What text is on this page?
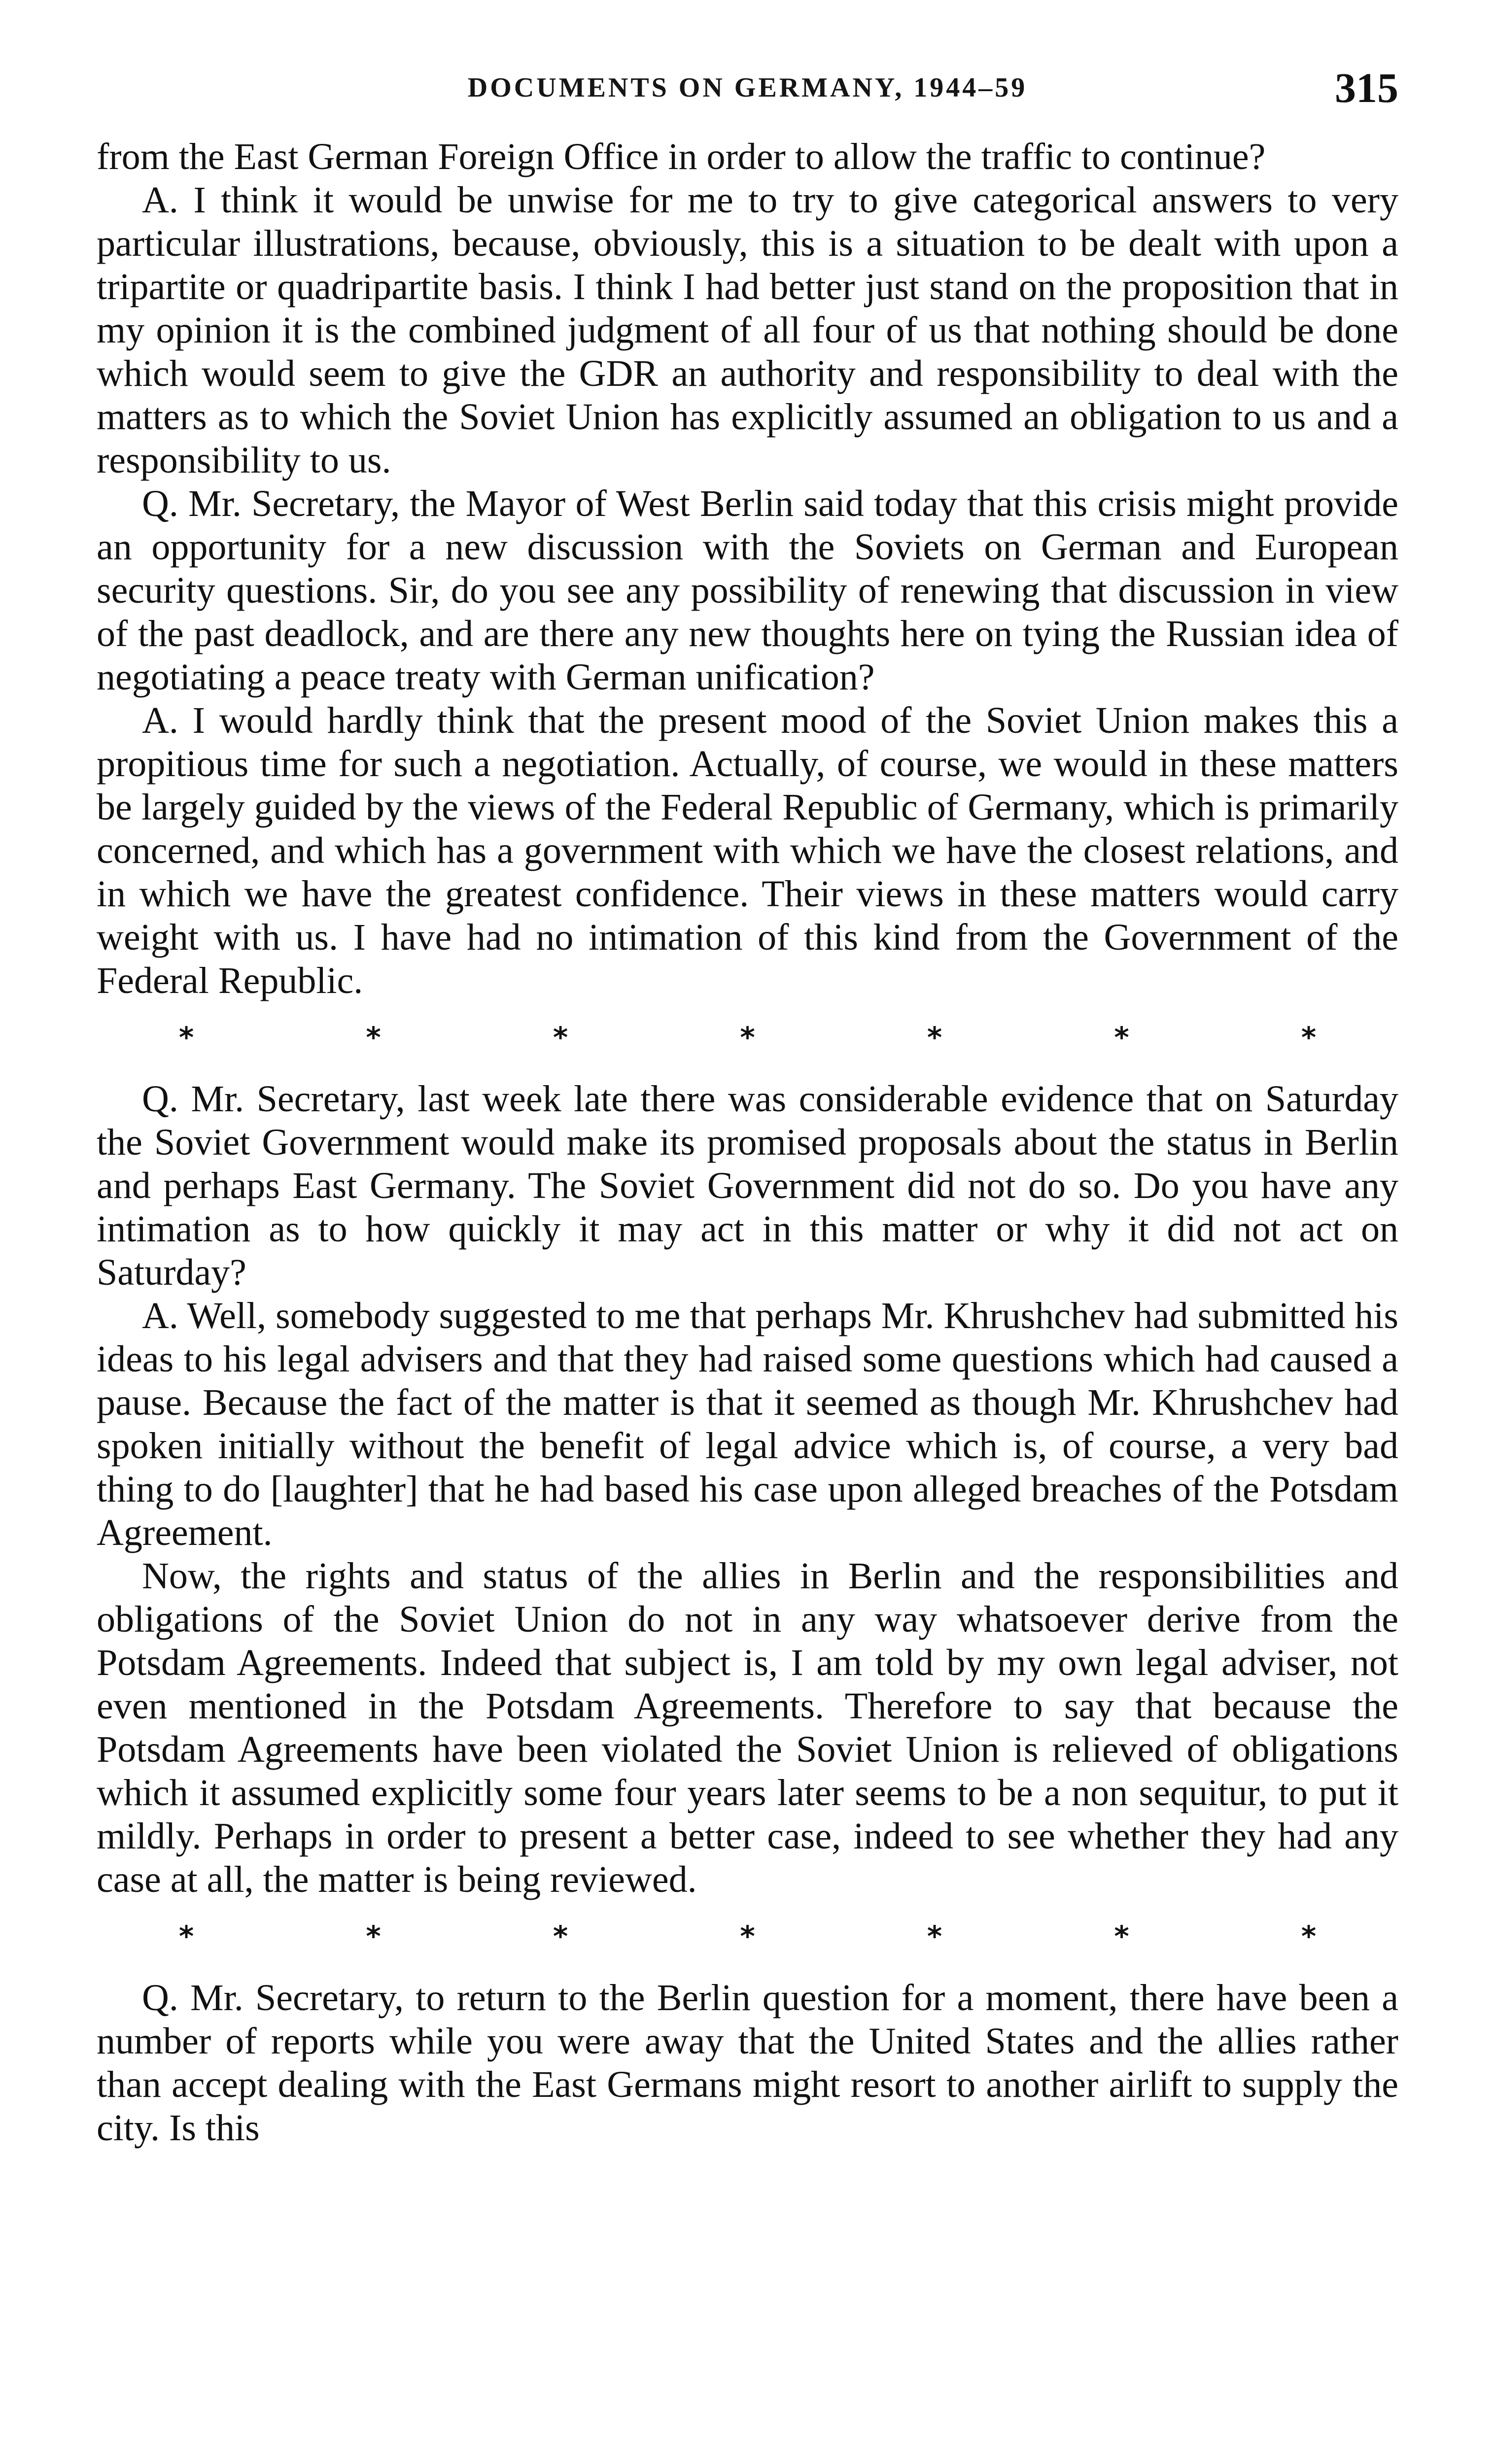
DOCUMENTS ON GERMANY, 1944–59	315

from the East German Foreign Office in order to allow the traffic to continue?

A. I think it would be unwise for me to try to give categorical answers to very particular illustrations, because, obviously, this is a situation to be dealt with upon a tripartite or quadripartite basis. I think I had better just stand on the proposition that in my opinion it is the combined judgment of all four of us that nothing should be done which would seem to give the GDR an authority and responsibility to deal with the matters as to which the Soviet Union has explicitly assumed an obligation to us and a responsibility to us.

Q. Mr. Secretary, the Mayor of West Berlin said today that this crisis might provide an opportunity for a new discussion with the Soviets on German and European security questions. Sir, do you see any possibility of renewing that discussion in view of the past deadlock, and are there any new thoughts here on tying the Russian idea of negotiating a peace treaty with German unification?

A. I would hardly think that the present mood of the Soviet Union makes this a propitious time for such a negotiation. Actually, of course, we would in these matters be largely guided by the views of the Federal Republic of Germany, which is primarily concerned, and which has a government with which we have the closest relations, and in which we have the greatest confidence. Their views in these matters would carry weight with us. I have had no intimation of this kind from the Government of the Federal Republic.

*	*	*	*	*	*	*

Q. Mr. Secretary, last week late there was considerable evidence that on Saturday the Soviet Government would make its promised proposals about the status in Berlin and perhaps East Germany. The Soviet Government did not do so. Do you have any intimation as to how quickly it may act in this matter or why it did not act on Saturday?

A. Well, somebody suggested to me that perhaps Mr. Khrushchev had submitted his ideas to his legal advisers and that they had raised some questions which had caused a pause. Because the fact of the matter is that it seemed as though Mr. Khrushchev had spoken initially without the benefit of legal advice which is, of course, a very bad thing to do [laughter] that he had based his case upon alleged breaches of the Potsdam Agreement.

Now, the rights and status of the allies in Berlin and the responsibilities and obligations of the Soviet Union do not in any way whatsoever derive from the Potsdam Agreements. Indeed that subject is, I am told by my own legal adviser, not even mentioned in the Potsdam Agreements. Therefore to say that because the Potsdam Agreements have been violated the Soviet Union is relieved of obligations which it assumed explicitly some four years later seems to be a non sequitur, to put it mildly. Perhaps in order to present a better case, indeed to see whether they had any case at all, the matter is being reviewed.

*	*	*	*	*	*	*

Q. Mr. Secretary, to return to the Berlin question for a moment, there have been a number of reports while you were away that the United States and the allies rather than accept dealing with the East Germans might resort to another airlift to supply the city. Is this
